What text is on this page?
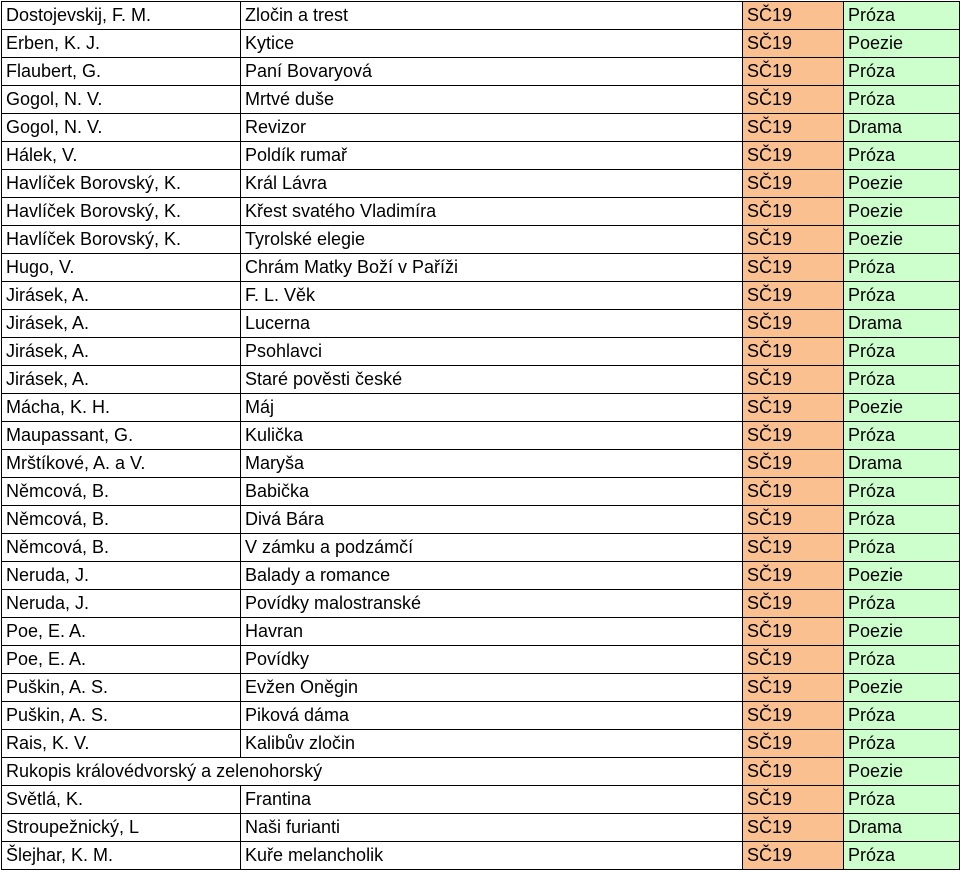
Dostojevskij, F. M.	Zločin a trest	SČ19	Próza
Erben, K. J.	Kytice	SČ19	Poezie
Flaubert, G.	Paní Bovaryová	SČ19	Próza
Gogol, N. V.	Mrtvé duše	SČ19	Próza
Gogol, N. V.	Revizor	SČ19	Drama
Hálek, V.	Poldík rumař	SČ19	Próza
Havlíček Borovský, K.	Král Lávra	SČ19	Poezie
Havlíček Borovský, K.	Křest svatého Vladimíra	SČ19	Poezie
Havlíček Borovský, K.	Tyrolské elegie	SČ19	Poezie
Hugo, V.	Chrám Matky Boží v Paříži	SČ19	Próza
Jirásek, A.	F. L. Věk	SČ19	Próza
Jirásek, A.	Lucerna	SČ19	Drama
Jirásek, A.	Psohlavci	SČ19	Próza
Jirásek, A.	Staré pověsti české	SČ19	Próza
Mácha, K. H.	Máj	SČ19	Poezie
Maupassant, G.	Kulička	SČ19	Próza
Mrštíkové, A. a V.	Maryša	SČ19	Drama
Němcová, B.	Babička	SČ19	Próza
Němcová, B.	Divá Bára	SČ19	Próza
Němcová, B.	V zámku a podzámčí	SČ19	Próza
Neruda, J.	Balady a romance	SČ19	Poezie
Neruda, J.	Povídky malostranské	SČ19	Próza
Poe, E. A.	Havran	SČ19	Poezie
Poe, E. A.	Povídky	SČ19	Próza
Puškin, A. S.	Evžen Oněgin	SČ19	Poezie
Puškin, A. S.	Piková dáma	SČ19	Próza
Rais, K. V.	Kalibův zločin	SČ19	Próza
Rukopis královédvorský a zelenohorský		SČ19	Poezie
Světlá, K.	Frantina	SČ19	Próza
Stroupežnický, L	Naši furianti	SČ19	Drama
Šlejhar, K. M.	Kuře melancholik	SČ19	Próza
